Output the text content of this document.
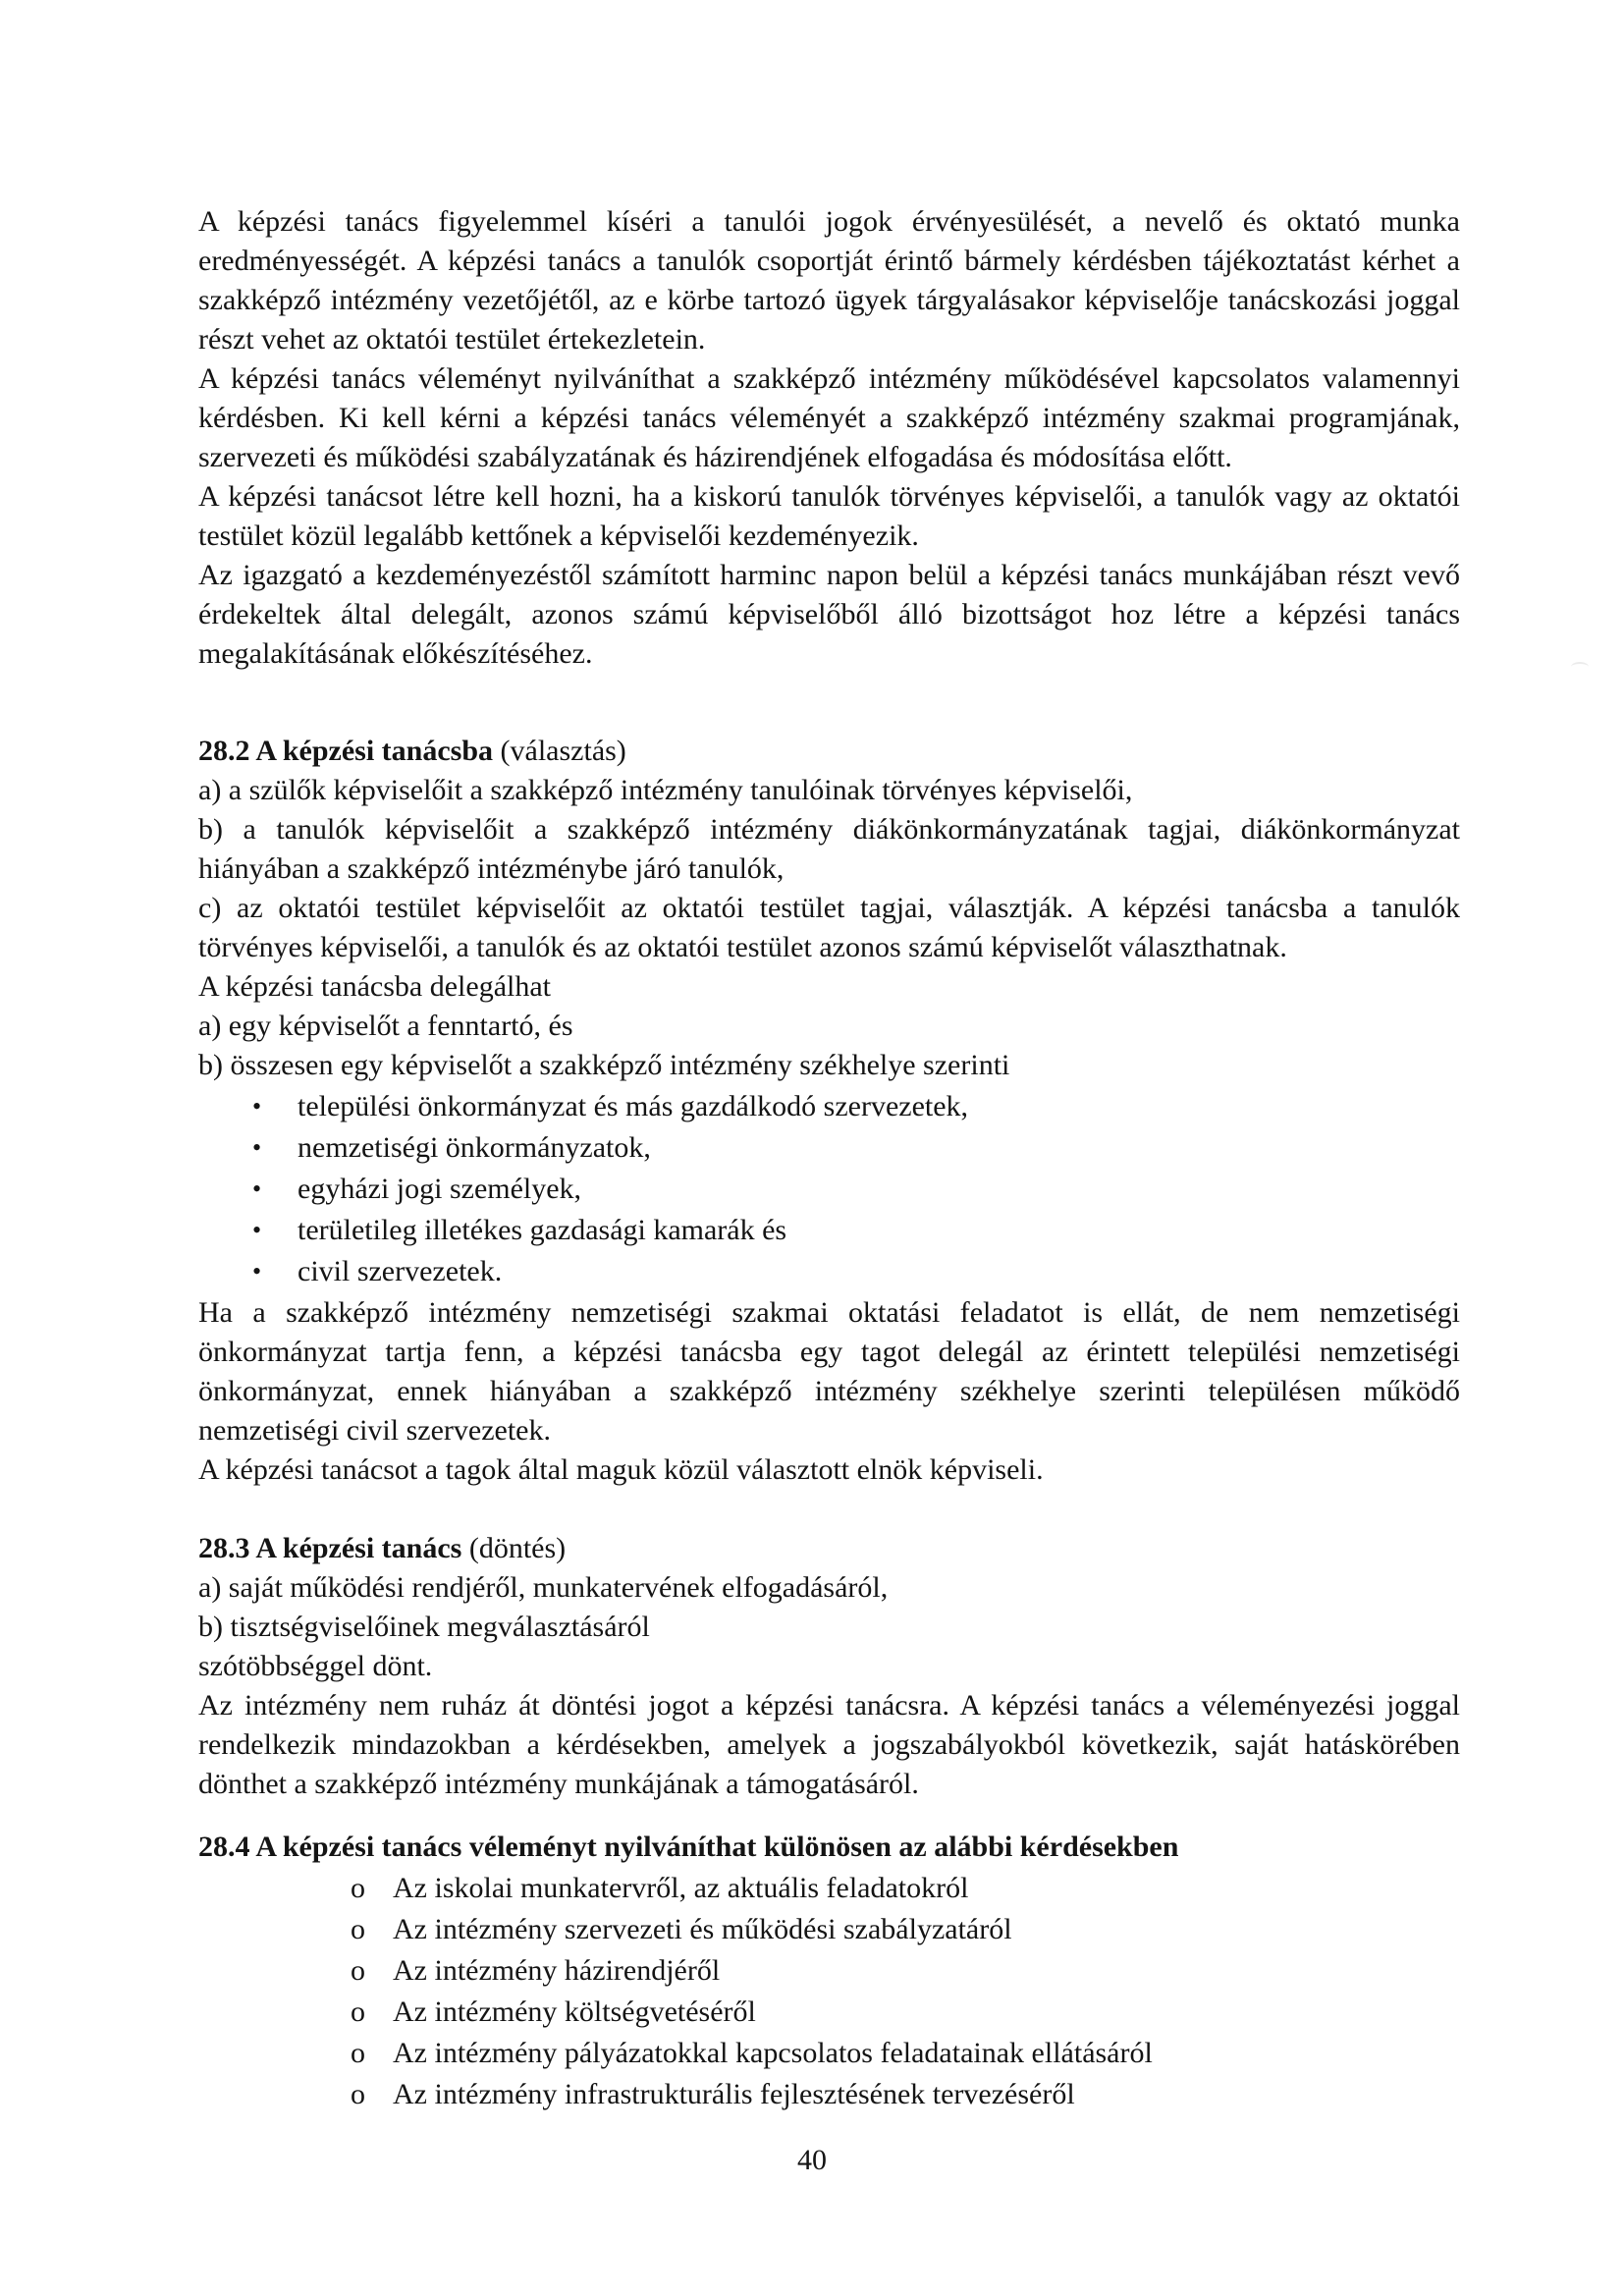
A képzési tanács figyelemmel kíséri a tanulói jogok érvényesülését, a nevelő és oktató munka eredményességét. A képzési tanács a tanulók csoportját érintő bármely kérdésben tájékoztatást kérhet a szakképző intézmény vezetőjétől, az e körbe tartozó ügyek tárgyalásakor képviselője tanácskozási joggal részt vehet az oktatói testület értekezletein.

A képzési tanács véleményt nyilváníthat a szakképző intézmény működésével kapcsolatos valamennyi kérdésben. Ki kell kérni a képzési tanács véleményét a szakképző intézmény szakmai programjának, szervezeti és működési szabályzatának és házirendjének elfogadása és módosítása előtt.

A képzési tanácsot létre kell hozni, ha a kiskorú tanulók törvényes képviselői, a tanulók vagy az oktatói testület közül legalább kettőnek a képviselői kezdeményezik.

Az igazgató a kezdeményezéstől számított harminc napon belül a képzési tanács munkájában részt vevő érdekeltek által delegált, azonos számú képviselőből álló bizottságot hoz létre a képzési tanács megalakításának előkészítéséhez.

28.2 A képzési tanácsba (választás)

a) a szülők képviselőit a szakképző intézmény tanulóinak törvényes képviselői,

b) a tanulók képviselőit a szakképző intézmény diákönkormányzatának tagjai, diákönkormányzat hiányában a szakképző intézménybe járó tanulók,

c) az oktatói testület képviselőit az oktatói testület tagjai, választják. A képzési tanácsba a tanulók törvényes képviselői, a tanulók és az oktatói testület azonos számú képviselőt választhatnak.

A képzési tanácsba delegálhat

a) egy képviselőt a fenntartó, és

b) összesen egy képviselőt a szakképző intézmény székhelye szerinti

• települési önkormányzat és más gazdálkodó szervezetek,
• nemzetiségi önkormányzatok,
• egyházi jogi személyek,
• területileg illetékes gazdasági kamarák és
• civil szervezetek.

Ha a szakképző intézmény nemzetiségi szakmai oktatási feladatot is ellát, de nem nemzetiségi önkormányzat tartja fenn, a képzési tanácsba egy tagot delegál az érintett települési nemzetiségi önkormányzat, ennek hiányában a szakképző intézmény székhelye szerinti településen működő nemzetiségi civil szervezetek.

A képzési tanácsot a tagok által maguk közül választott elnök képviseli.

28.3 A képzési tanács (döntés)

a) saját működési rendjéről, munkatervének elfogadásáról,

b) tisztségviselőinek megválasztásáról

szótöbbséggel dönt.

Az intézmény nem ruház át döntési jogot a képzési tanácsra. A képzési tanács a véleményezési joggal rendelkezik mindazokban a kérdésekben, amelyek a jogszabályokból következik, saját hatáskörében dönthet a szakképző intézmény munkájának a támogatásáról.

28.4 A képzési tanács véleményt nyilváníthat különösen az alábbi kérdésekben
o Az iskolai munkatervről, az aktuális feladatokról
o Az intézmény szervezeti és működési szabályzatáról
o Az intézmény házirendjéről
o Az intézmény költségvetéséről
o Az intézmény pályázatokkal kapcsolatos feladatainak ellátásáról
o Az intézmény infrastrukturális fejlesztésének tervezéséről
40
